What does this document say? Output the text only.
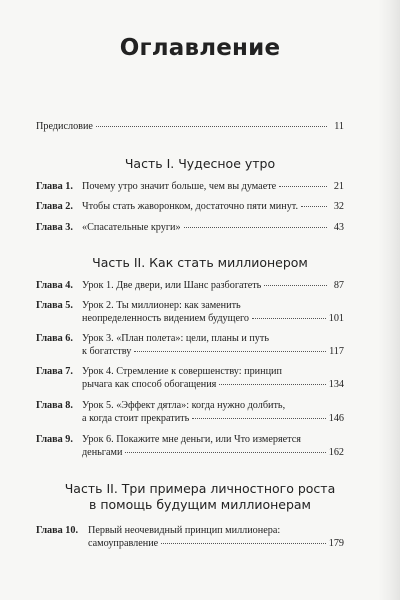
Оглавление
Предисловие	11
Часть I. Чудесное утро
Глава 1. Почему утро значит больше, чем вы думаете	21
Глава 2. Чтобы стать жаворонком, достаточно пяти минут.	32
Глава 3. «Спасательные круги»	43
Часть II. Как стать миллионером
Глава 4. Урок 1. Две двери, или Шанс разбогатеть	87
Глава 5. Урок 2. Ты миллионер: как заменить
неопределенность видением будущего	101
Глава 6. Урок 3. «План полета»: цели, планы и путь
к богатству	117
Глава 7. Урок 4. Стремление к совершенству: принцип
рычага как способ обогащения	134
Глава 8. Урок 5. «Эффект дятла»: когда нужно долбить,
а когда стоит прекратить	146
Глава 9. Урок 6. Покажите мне деньги, или Что измеряется
деньгами	162
Часть II. Три примера личностного роста
в помощь будущим миллионерам
Глава 10. Первый неочевидный принцип миллионера:
самоуправление	179
